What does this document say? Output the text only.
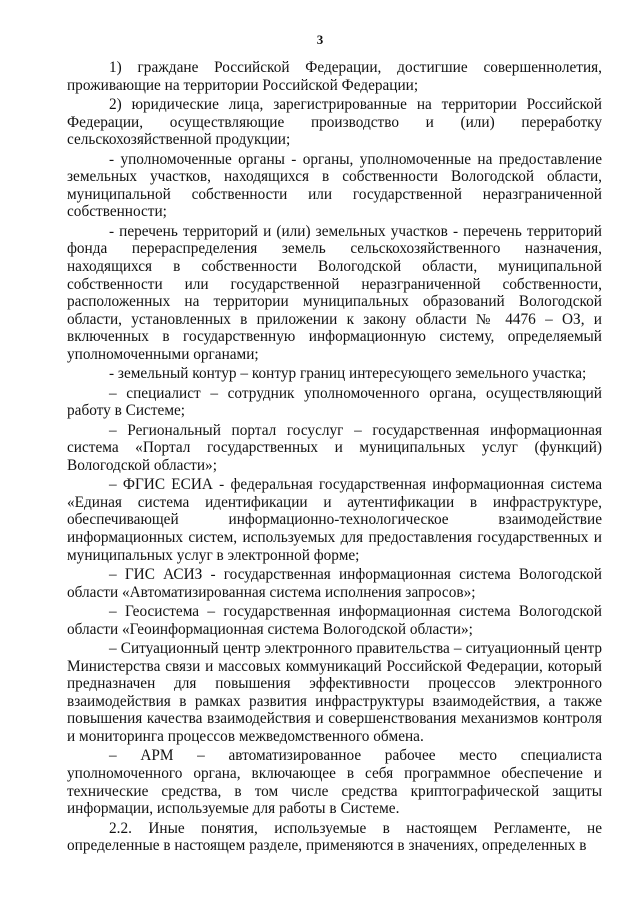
3

1) граждане Российской Федерации, достигшие совершеннолетия, проживающие на территории Российской Федерации;

2) юридические лица, зарегистрированные на территории Российской Федерации, осуществляющие производство и (или) переработку сельскохозяйственной продукции;

- уполномоченные органы - органы, уполномоченные на предоставление земельных участков, находящихся в собственности Вологодской области, муниципальной собственности или государственной неразграниченной собственности;

- перечень территорий и (или) земельных участков - перечень территорий фонда перераспределения земель сельскохозяйственного назначения, находящихся в собственности Вологодской области, муниципальной собственности или государственной неразграниченной собственности, расположенных на территории муниципальных образований Вологодской области, установленных в приложении к закону области № 4476 – ОЗ, и включенных в государственную информационную систему, определяемый уполномоченными органами;

- земельный контур – контур границ интересующего земельного участка;

– специалист – сотрудник уполномоченного органа, осуществляющий работу в Системе;

– Региональный портал госуслуг – государственная информационная система «Портал государственных и муниципальных услуг (функций) Вологодской области»;

– ФГИС ЕСИА - федеральная государственная информационная система «Единая система идентификации и аутентификации в инфраструктуре, обеспечивающей информационно-технологическое взаимодействие информационных систем, используемых для предоставления государственных и муниципальных услуг в электронной форме;

– ГИС АСИЗ - государственная информационная система Вологодской области «Автоматизированная система исполнения запросов»;

– Геосистема – государственная информационная система Вологодской области «Геоинформационная система Вологодской области»;

– Ситуационный центр электронного правительства – ситуационный центр Министерства связи и массовых коммуникаций Российской Федерации, который предназначен для повышения эффективности процессов электронного взаимодействия в рамках развития инфраструктуры взаимодействия, а также повышения качества взаимодействия и совершенствования механизмов контроля и мониторинга процессов межведомственного обмена.

– АРМ – автоматизированное рабочее место специалиста уполномоченного органа, включающее в себя программное обеспечение и технические средства, в том числе средства криптографической защиты информации, используемые для работы в Системе.

2.2. Иные понятия, используемые в настоящем Регламенте, не определенные в настоящем разделе, применяются в значениях, определенных в
